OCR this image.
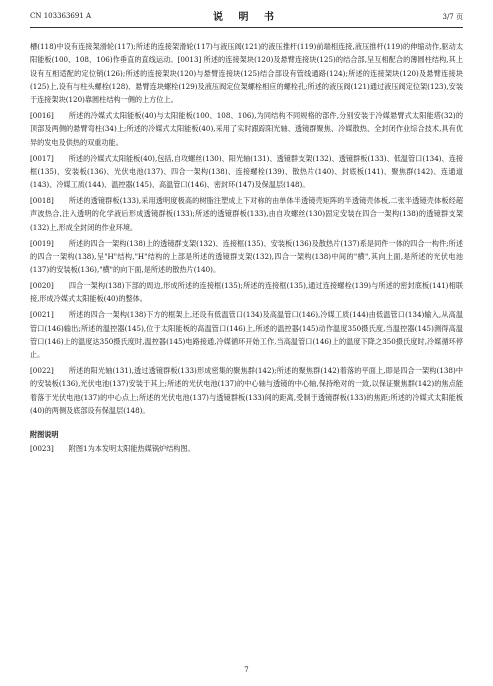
CN 103363691 A	说 明 书	3/7 页

槽(118)中设有连接架滑轮(117);所述的连接架滑轮(117)与液压阀(121)的液压推杆(119)前端相连接,液压推杆(119)的伸缩动作,驱动太阳能板(100、108、106)作垂直的直线运动。[0013] 所述的连接架块(120)及悬臂连接块(125)的结合部,呈互相配合的薄圆柱结构,其上设有互相适配的定位销(126);所述的连接架块(120)与悬臂连接块(125)结合部设有管线通路(124);所述的连接架块(120)及悬臂连接块(125)上,设有与柱头螺栓(128)、悬臂连块螺栓(129)及液压阀定位架螺栓相应的螺栓孔;所述的液压阀(121)通过液压阀定位架(123),安装于连接架块(120)靠圆柱结构一侧的上方位上。

[0016] 所述的冷媒式太阳能板(40)与太阳能板(100、108、106),为同结构不同规格的部件,分别安装于冷媒悬臂式太阳能塔(32)的顶部及两侧的悬臂弯柱(34)上;所述的冷媒式太阳能板(40),采用了实时跟踪阳光轴、透镜群聚焦、冷媒散热、全封闭作业综合技术,具有优异的发电及供热的双重功能。

[0017] 所述的冷媒式太阳能板(40),包括,自攻螺丝(130)、阳光轴(131)、透镜群支架(132)、透镜群板(133)、低温管口(134)、连接框(135)、安装板(136)、光伏电池(137)、四合一架构(138)、连接螺栓(139)、散热片(140)、封底板(141)、聚焦群(142)、连通道(143)、冷媒工质(144)、温控器(145)、高温管口(146)、密封环(147)及保温层(148)。

[0018] 所述的透镜群板(133),采用透明度极高的树脂注塑成上下对称的由单体半透镜壳矩阵的半透镜壳体板,二张半透镜壳体板经超声波热合,注入透明的化学液后形成透镜群板(133);所述的透镜群板(133),由自攻螺丝(130)固定安装在四合一架构(138)的透镜群支架(132)上,形成全封闭的作业环境。

[0019] 所述的四合一架构(138)上的透镜群支架(132)、连接框(135)、安装板(136)及散热片(137)系是同件一体的四合一构件;所述的四合一架构(138),呈"H"结构,"H"结构的上部是所述的透镜群支架(132),四合一架构(138)中间的"横",其向上面,是所述的光伏电池(137)的安装板(136),"横"的向下面,是所述的散热片(140)。

[0020] 四合一架构(138)下部的周边,形成所述的连接框(135);所述的连接框(135),通过连接螺栓(139)与所述的密封底板(141)相联接,形成冷媒式太阳能板(40)的整体。

[0021] 所述的四合一架构(138)下方的框架上,还设有低温管口(134)及高温管口(146),冷媒工质(144)由低温管口(134)输入,从高温管口(146)输出;所述的温控器(145),位于太阳能板的高温管口(146)上,所述的温控器(145)动作温度350摄氏度,当温控器(145)测得高温管口(146)上的温度达350摄氏度时,温控器(145)电路接通,冷媒循环开始工作,当高温管口(146)上的温度下降之350摄氏度时,冷媒循环停止。

[0022] 所述的阳光轴(131),透过透镜群板(133)形成密集的聚焦群(142);所述的聚焦群(142)着落的平面上,即是四合一架构(138)中的安装板(136),光伏电池(137)安装于其上;所述的光伏电池(137)的中心轴与透镜的中心轴,保持绝对的一致,以保证聚焦群(142)的焦点能着落于光伏电池(137)的中心点上;所述的光伏电池(137)与透镜群板(133)间的距离,受制于透镜群板(133)的焦距;所述的冷媒式太阳能板(40)的两侧及底部设有保温层(148)。

附图说明

[0023] 附图1为本发明太阳能热媒锅炉结构图。

7
